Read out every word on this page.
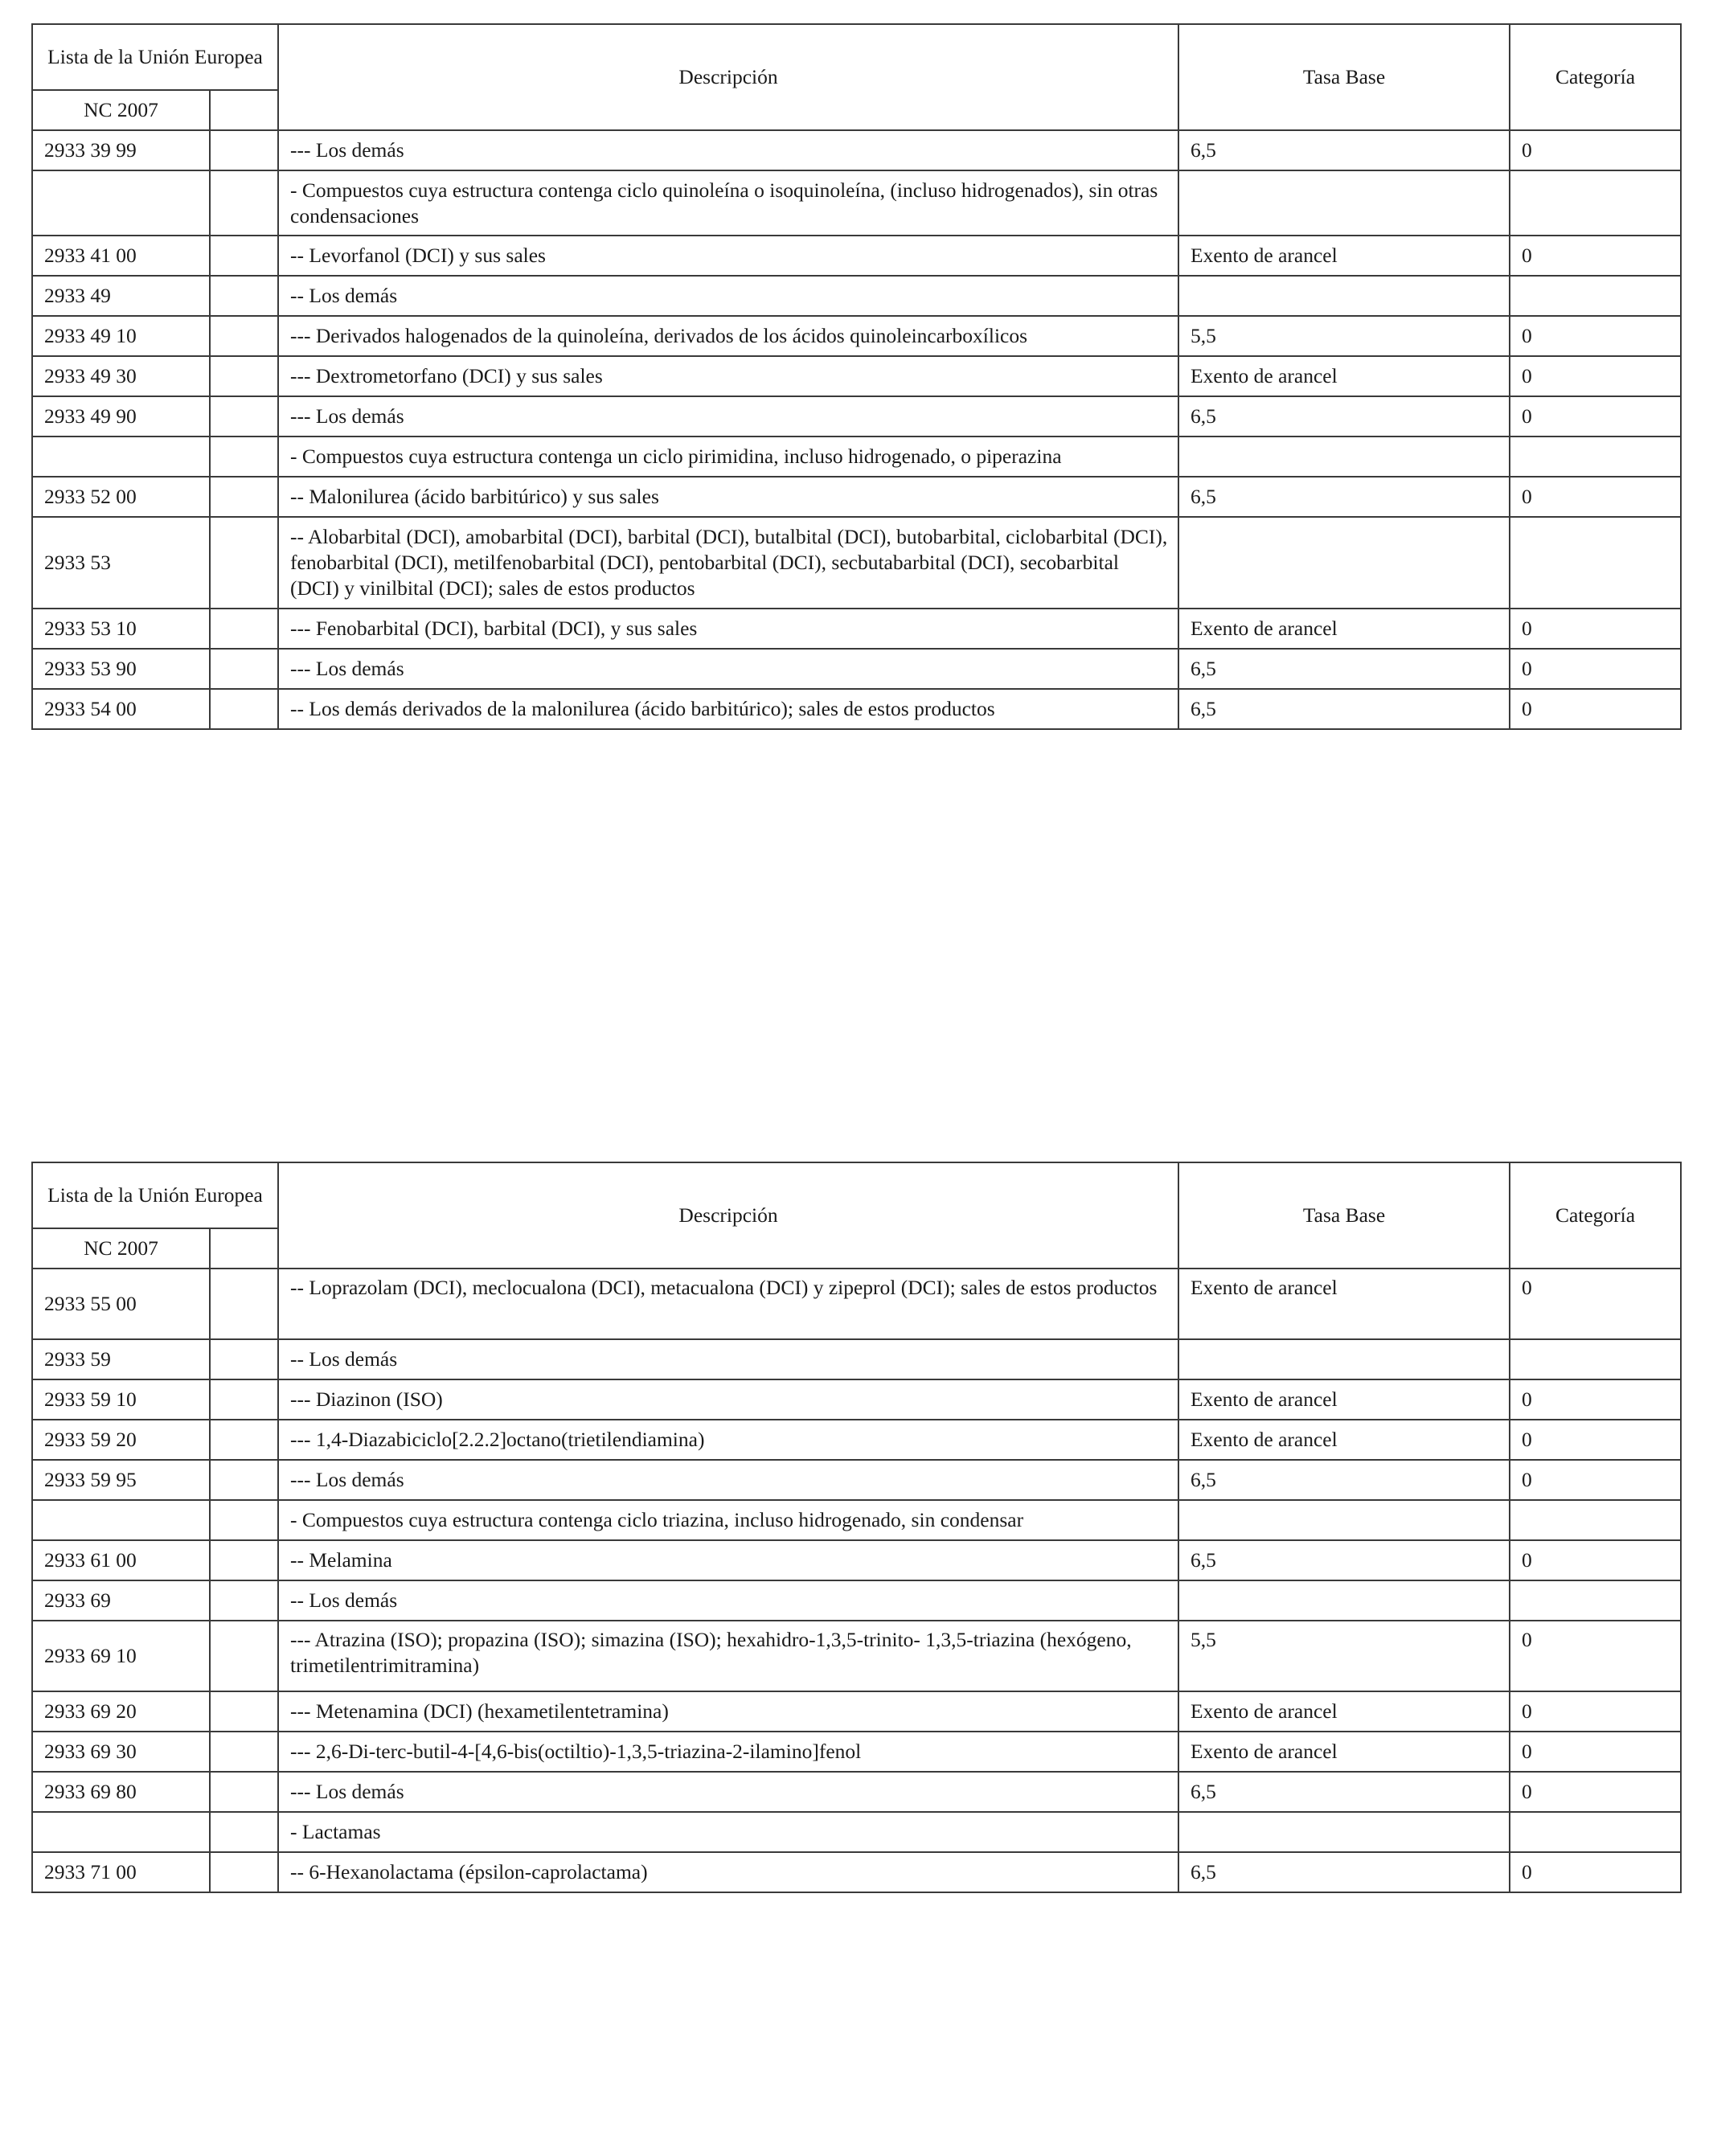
Lista de la Unión Europea		Descripción	Tasa Base	Categoría
NC 2007				
2933 39 99		--- Los demás	6,5	0
		- Compuestos cuya estructura contenga ciclo quinoleína o isoquinoleína, (incluso hidrogenados), sin otras condensaciones		
2933 41 00		-- Levorfanol (DCI) y sus sales	Exento de arancel	0
2933 49		-- Los demás		
2933 49 10		--- Derivados halogenados de la quinoleína, derivados de los ácidos quinoleincarboxílicos	5,5	0
2933 49 30		--- Dextrometorfano (DCI) y sus sales	Exento de arancel	0
2933 49 90		--- Los demás	6,5	0
		- Compuestos cuya estructura contenga un ciclo pirimidina, incluso hidrogenado, o piperazina		
2933 52 00		-- Malonilurea (ácido barbitúrico) y sus sales	6,5	0
2933 53		-- Alobarbital (DCI), amobarbital (DCI), barbital (DCI), butalbital (DCI), butobarbital, ciclobarbital (DCI), fenobarbital (DCI), metilfenobarbital (DCI), pentobarbital (DCI), secbutabarbital (DCI), secobarbital (DCI) y vinilbital (DCI); sales de estos productos		
2933 53 10		--- Fenobarbital (DCI), barbital (DCI), y sus sales	Exento de arancel	0
2933 53 90		--- Los demás	6,5	0
2933 54 00		-- Los demás derivados de la malonilurea (ácido barbitúrico); sales de estos productos	6,5	0
Lista de la Unión Europea		Descripción	Tasa Base	Categoría
NC 2007				
2933 55 00		-- Loprazolam (DCI), meclocualona (DCI), metacualona (DCI) y zipeprol (DCI); sales de estos productos	Exento de arancel	0
2933 59		-- Los demás		
2933 59 10		--- Diazinon (ISO)	Exento de arancel	0
2933 59 20		--- 1,4-Diazabiciclo[2.2.2]octano(trietilendiamina)	Exento de arancel	0
2933 59 95		--- Los demás	6,5	0
		- Compuestos cuya estructura contenga ciclo triazina, incluso hidrogenado, sin condensar		
2933 61 00		-- Melamina	6,5	0
2933 69		-- Los demás		
2933 69 10		--- Atrazina (ISO); propazina (ISO); simazina (ISO); hexahidro-1,3,5-trinito- 1,3,5-triazina (hexógeno, trimetilentrimitramina)	5,5	0
2933 69 20		--- Metenamina (DCI) (hexametilentetramina)	Exento de arancel	0
2933 69 30		--- 2,6-Di-terc-butil-4-[4,6-bis(octiltio)-1,3,5-triazina-2-ilamino]fenol	Exento de arancel	0
2933 69 80		--- Los demás	6,5	0
		- Lactamas		
2933 71 00		-- 6-Hexanolactama (épsilon-caprolactama)	6,5	0
